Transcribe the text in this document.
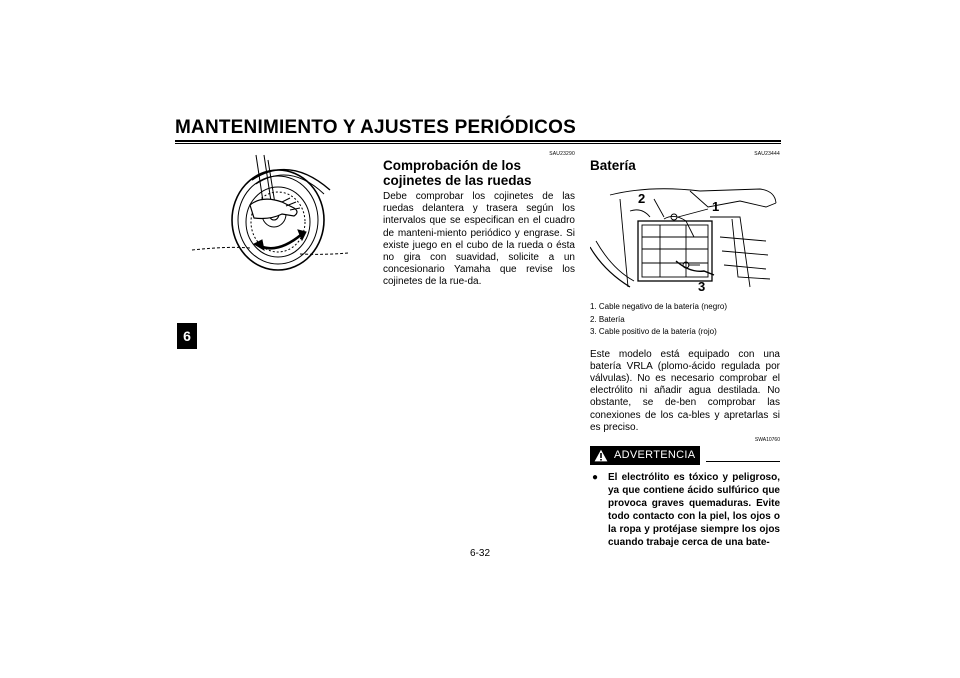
MANTENIMIENTO Y AJUSTES PERIÓDICOS
6
SAU23290
Comprobación de los cojinetes de las ruedas

Debe comprobar los cojinetes de las ruedas delantera y trasera según los intervalos que se especifican en el cuadro de manteni-miento periódico y engrase. Si existe juego en el cubo de la rueda o ésta no gira con suavidad, solicite a un concesionario Yamaha que revise los cojinetes de la rue-da.

SAU23444
Batería
2
1
3
1. Cable negativo de la batería (negro)
2. Batería
3. Cable positivo de la batería (rojo)

Este modelo está equipado con una batería VRLA (plomo-ácido regulada por válvulas). No es necesario comprobar el electrólito ni añadir agua destilada. No obstante, se de-ben comprobar las conexiones de los ca-bles y apretarlas si es preciso.

SWA10760
ADVERTENCIA
● El electrólito es tóxico y peligroso, ya que contiene ácido sulfúrico que provoca graves quemaduras. Evite todo contacto con la piel, los ojos o la ropa y protéjase siempre los ojos cuando trabaje cerca de una bate-

6-32
